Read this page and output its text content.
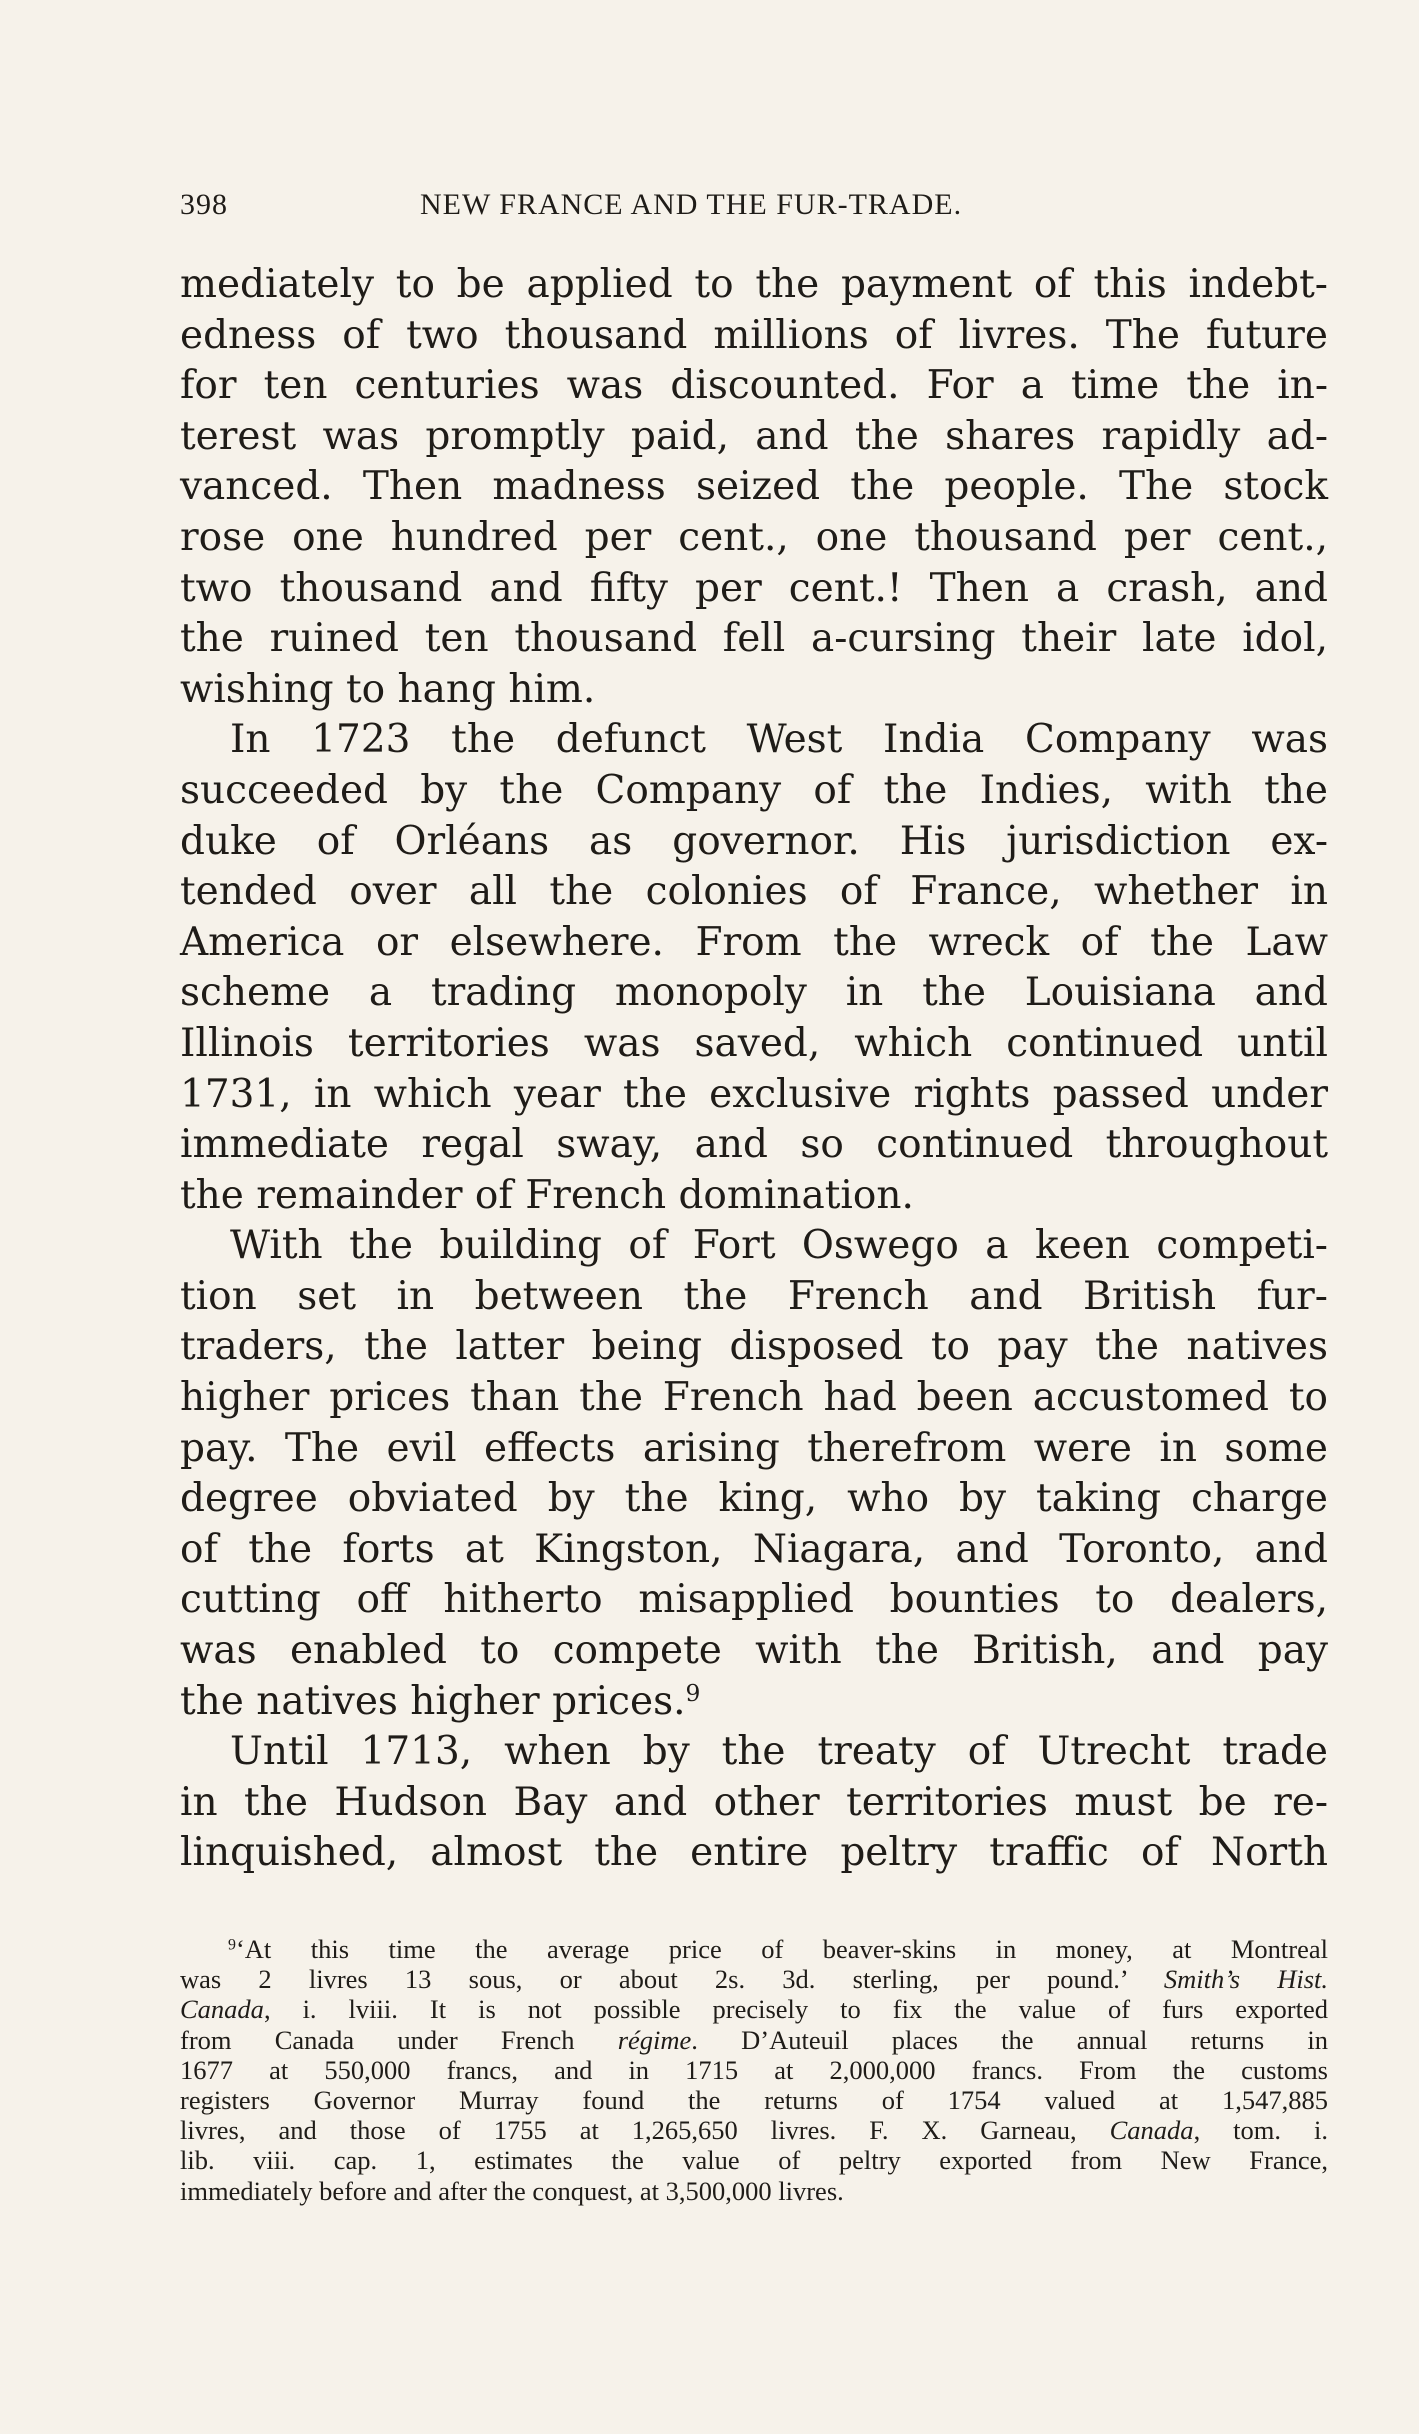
398	NEW FRANCE AND THE FUR-TRADE.
mediately to be applied to the payment of this indebt-
edness of two thousand millions of livres. The future
for ten centuries was discounted. For a time the in-
terest was promptly paid, and the shares rapidly ad-
vanced. Then madness seized the people. The stock
rose one hundred per cent., one thousand per cent.,
two thousand and fifty per cent.! Then a crash, and
the ruined ten thousand fell a-cursing their late idol,
wishing to hang him.
In 1723 the defunct West India Company was
succeeded by the Company of the Indies, with the
duke of Orléans as governor. His jurisdiction ex-
tended over all the colonies of France, whether in
America or elsewhere. From the wreck of the Law
scheme a trading monopoly in the Louisiana and
Illinois territories was saved, which continued until
1731, in which year the exclusive rights passed under
immediate regal sway, and so continued throughout
the remainder of French domination.
With the building of Fort Oswego a keen competi-
tion set in between the French and British fur-
traders, the latter being disposed to pay the natives
higher prices than the French had been accustomed to
pay. The evil effects arising therefrom were in some
degree obviated by the king, who by taking charge
of the forts at Kingston, Niagara, and Toronto, and
cutting off hitherto misapplied bounties to dealers,
was enabled to compete with the British, and pay
the natives higher prices.$^9$
Until 1713, when by the treaty of Utrecht trade
in the Hudson Bay and other territories must be re-
linquished, almost the entire peltry traffic of North
$^9$‘At this time the average price of beaver-skins in money, at Montreal
was 2 livres 13 sous, or about 2s. 3d. sterling, per pound.’ Smith’s Hist.
Canada, i. lviii. It is not possible precisely to fix the value of furs exported
from Canada under French régime. D’Auteuil places the annual returns in
1677 at 550,000 francs, and in 1715 at 2,000,000 francs. From the customs
registers Governor Murray found the returns of 1754 valued at 1,547,885
livres, and those of 1755 at 1,265,650 livres. F. X. Garneau, Canada, tom. i.
lib. viii. cap. 1, estimates the value of peltry exported from New France,
immediately before and after the conquest, at 3,500,000 livres.
